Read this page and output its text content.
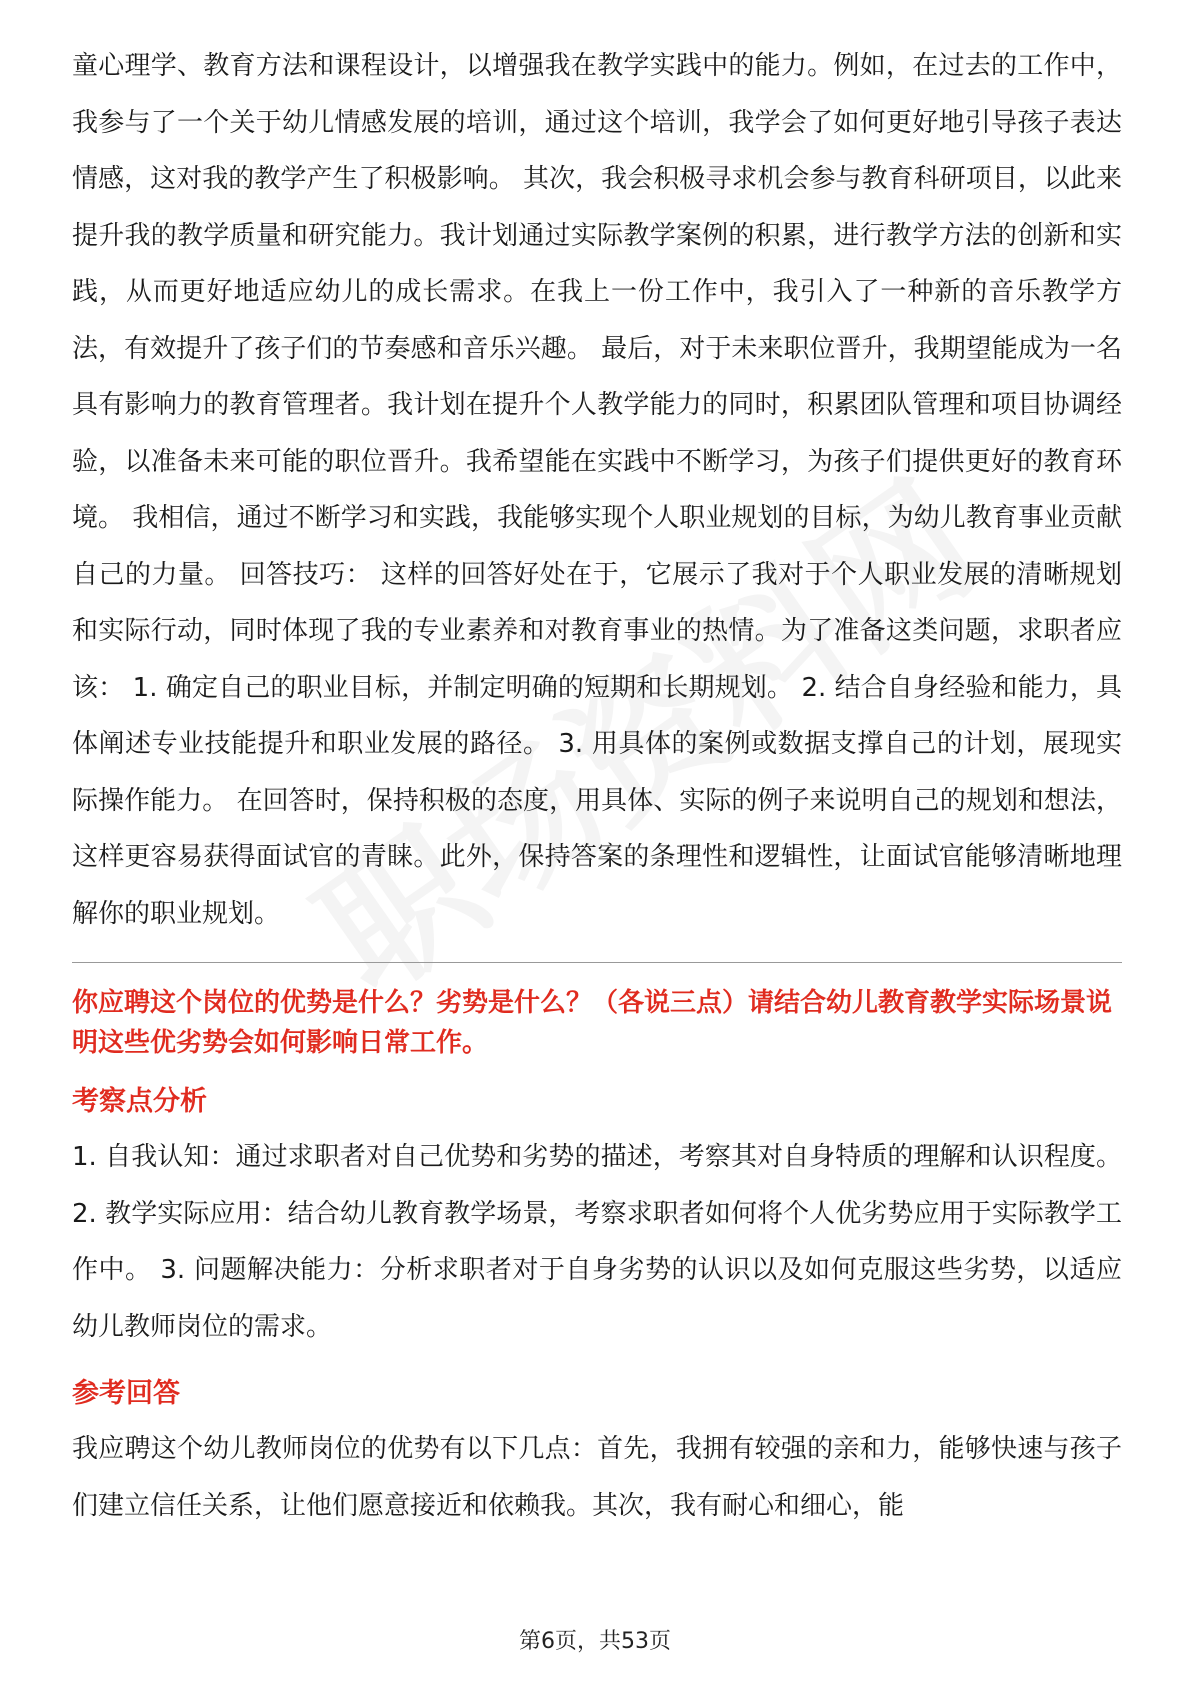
童心理学、教育方法和课程设计，以增强我在教学实践中的能力。例如，在过去的工作中，我参与了一个关于幼儿情感发展的培训，通过这个培训，我学会了如何更好地引导孩子表达情感，这对我的教学产生了积极影响。 其次，我会积极寻求机会参与教育科研项目，以此来提升我的教学质量和研究能力。我计划通过实际教学案例的积累，进行教学方法的创新和实践，从而更好地适应幼儿的成长需求。在我上一份工作中，我引入了一种新的音乐教学方法，有效提升了孩子们的节奏感和音乐兴趣。 最后，对于未来职位晋升，我期望能成为一名具有影响力的教育管理者。我计划在提升个人教学能力的同时，积累团队管理和项目协调经验，以准备未来可能的职位晋升。我希望能在实践中不断学习，为孩子们提供更好的教育环境。 我相信，通过不断学习和实践，我能够实现个人职业规划的目标，为幼儿教育事业贡献自己的力量。 回答技巧： 这样的回答好处在于，它展示了我对于个人职业发展的清晰规划和实际行动，同时体现了我的专业素养和对教育事业的热情。为了准备这类问题，求职者应该： 1. 确定自己的职业目标，并制定明确的短期和长期规划。 2. 结合自身经验和能力，具体阐述专业技能提升和职业发展的路径。 3. 用具体的案例或数据支撑自己的计划，展现实际操作能力。 在回答时，保持积极的态度，用具体、实际的例子来说明自己的规划和想法，这样更容易获得面试官的青睐。此外，保持答案的条理性和逻辑性，让面试官能够清晰地理解你的职业规划。

你应聘这个岗位的优势是什么？劣势是什么？（各说三点）请结合幼儿教育教学实际场景说明这些优劣势会如何影响日常工作。
考察点分析

1. 自我认知：通过求职者对自己优势和劣势的描述，考察其对自身特质的理解和认识程度。 2. 教学实际应用：结合幼儿教育教学场景，考察求职者如何将个人优劣势应用于实际教学工作中。 3. 问题解决能力：分析求职者对于自身劣势的认识以及如何克服这些劣势，以适应幼儿教师岗位的需求。

参考回答

我应聘这个幼儿教师岗位的优势有以下几点：首先，我拥有较强的亲和力，能够快速与孩子们建立信任关系，让他们愿意接近和依赖我。其次，我有耐心和细心，能

第6页，共53页
